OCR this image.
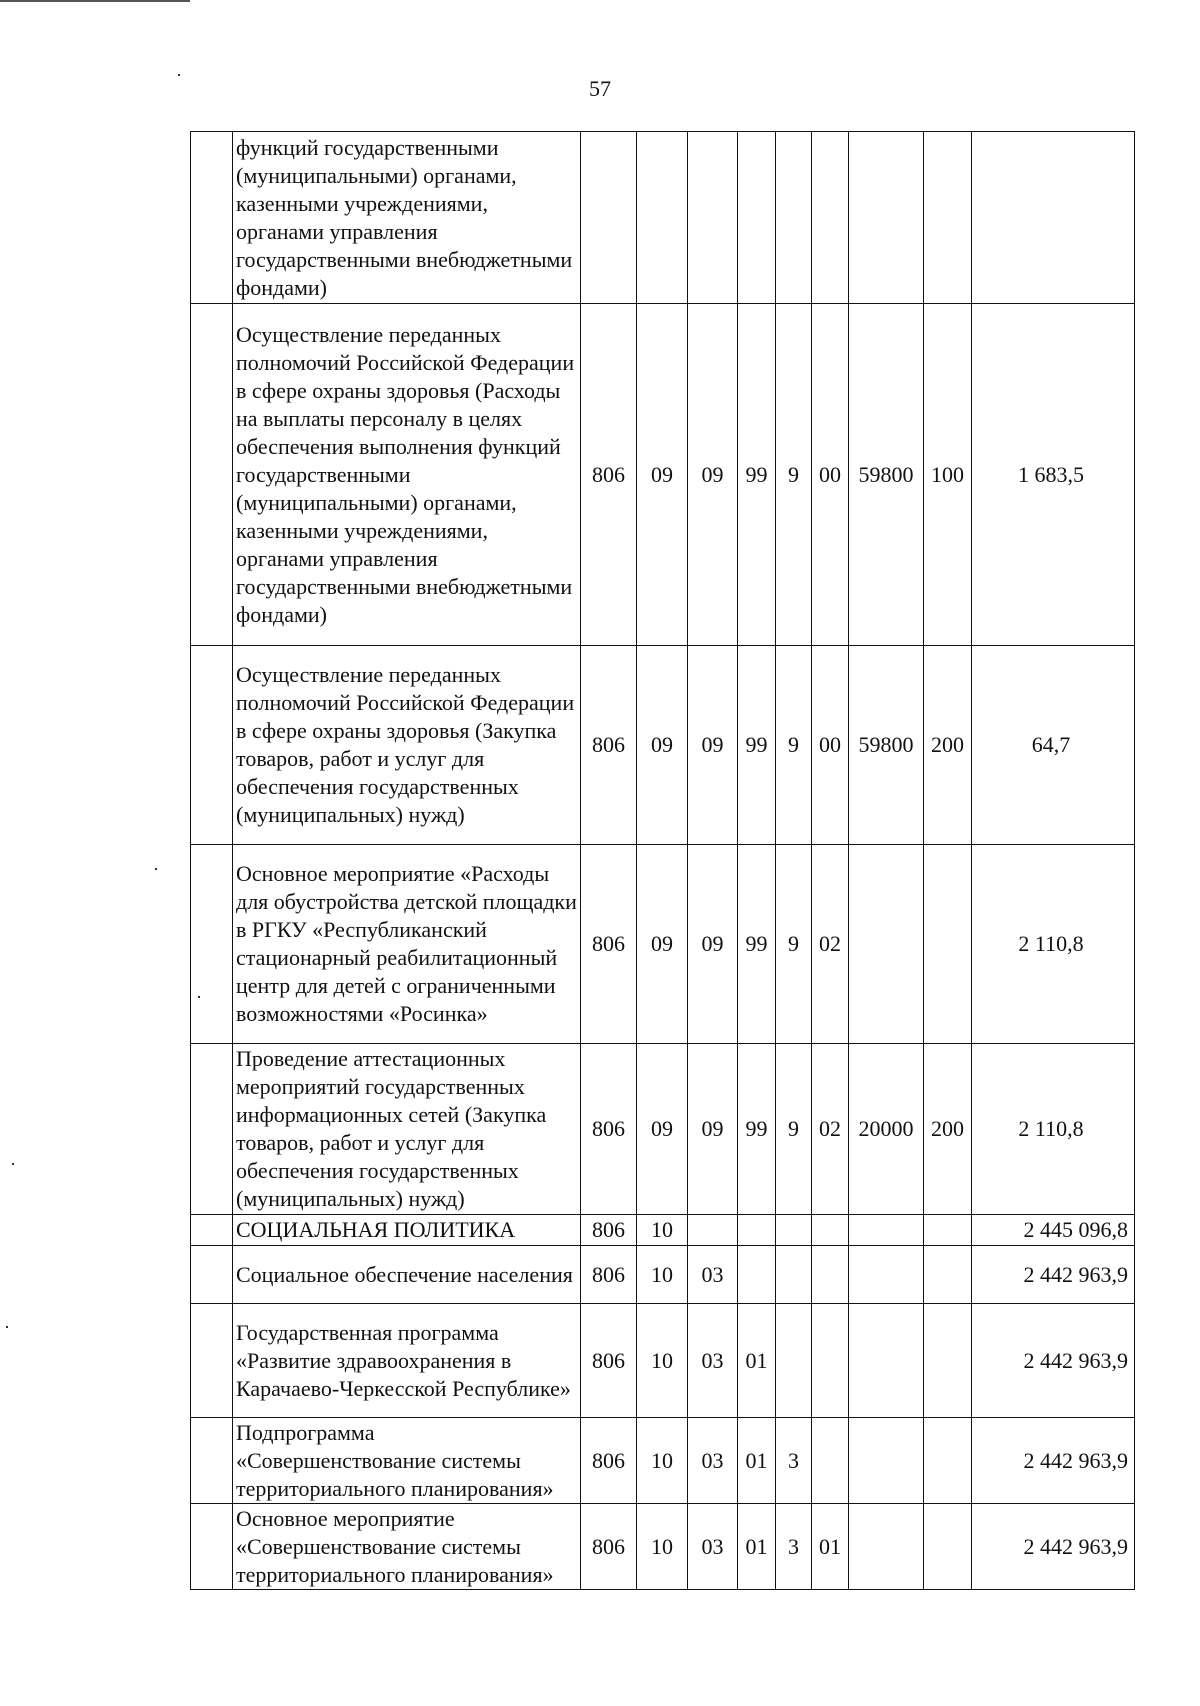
57
	функций государственными (муниципальными) органами, казенными учреждениями, органами управления государственными внебюджетными фондами)									
	Осуществление переданных полномочий Российской Федерации в сфере охраны здоровья (Расходы на выплаты персоналу в целях обеспечения выполнения функций государственными (муниципальными) органами, казенными учреждениями, органами управления государственными внебюджетными фондами)	806	09	09	99	9	00	59800	100	1 683,5
	Осуществление переданных полномочий Российской Федерации в сфере охраны здоровья (Закупка товаров, работ и услуг для обеспечения государственных (муниципальных) нужд)	806	09	09	99	9	00	59800	200	64,7
	Основное мероприятие «Расходы для обустройства детской площадки в РГКУ «Республиканский стационарный реабилитационный центр для детей с ограниченными возможностями «Росинка»	806	09	09	99	9	02			2 110,8
	Проведение аттестационных мероприятий государственных информационных сетей (Закупка товаров, работ и услуг для обеспечения государственных (муниципальных) нужд)	806	09	09	99	9	02	20000	200	2 110,8
	СОЦИАЛЬНАЯ ПОЛИТИКА	806	10							2 445 096,8
	Социальное обеспечение населения	806	10	03						2 442 963,9
	Государственная программа «Развитие здравоохранения в Карачаево-Черкесской Республике»	806	10	03	01					2 442 963,9
	Подпрограмма «Совершенствование системы территориального планирования»	806	10	03	01	3				2 442 963,9
	Основное мероприятие «Совершенствование системы территориального планирования»	806	10	03	01	3	01			2 442 963,9
